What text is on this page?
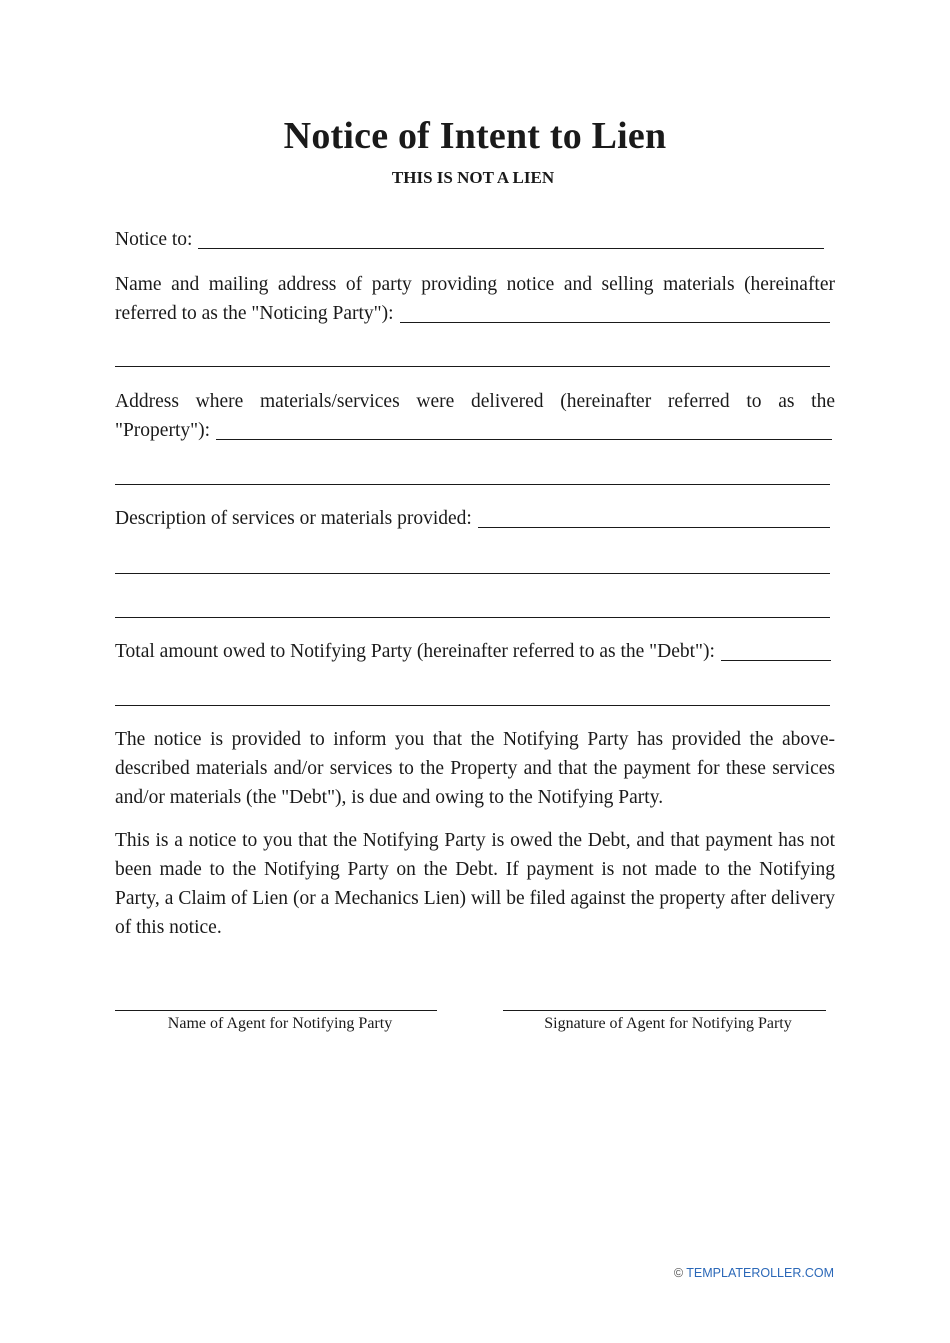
Notice of Intent to Lien
THIS IS NOT A LIEN
Notice to:
Name and mailing address of party providing notice and selling materials (hereinafter
referred to as the "Noticing Party"):
Address where materials/services were delivered (hereinafter referred to as the
"Property"):
Description of services or materials provided:
Total amount owed to Notifying Party (hereinafter referred to as the "Debt"):
The notice is provided to inform you that the Notifying Party has provided the above-described materials and/or services to the Property and that the payment for these services and/or materials (the "Debt"), is due and owing to the Notifying Party.
This is a notice to you that the Notifying Party is owed the Debt, and that payment has not been made to the Notifying Party on the Debt. If payment is not made to the Notifying Party, a Claim of Lien (or a Mechanics Lien) will be filed against the property after delivery of this notice.
Name of Agent for Notifying Party	Signature of Agent for Notifying Party
© TEMPLATEROLLER.COM
